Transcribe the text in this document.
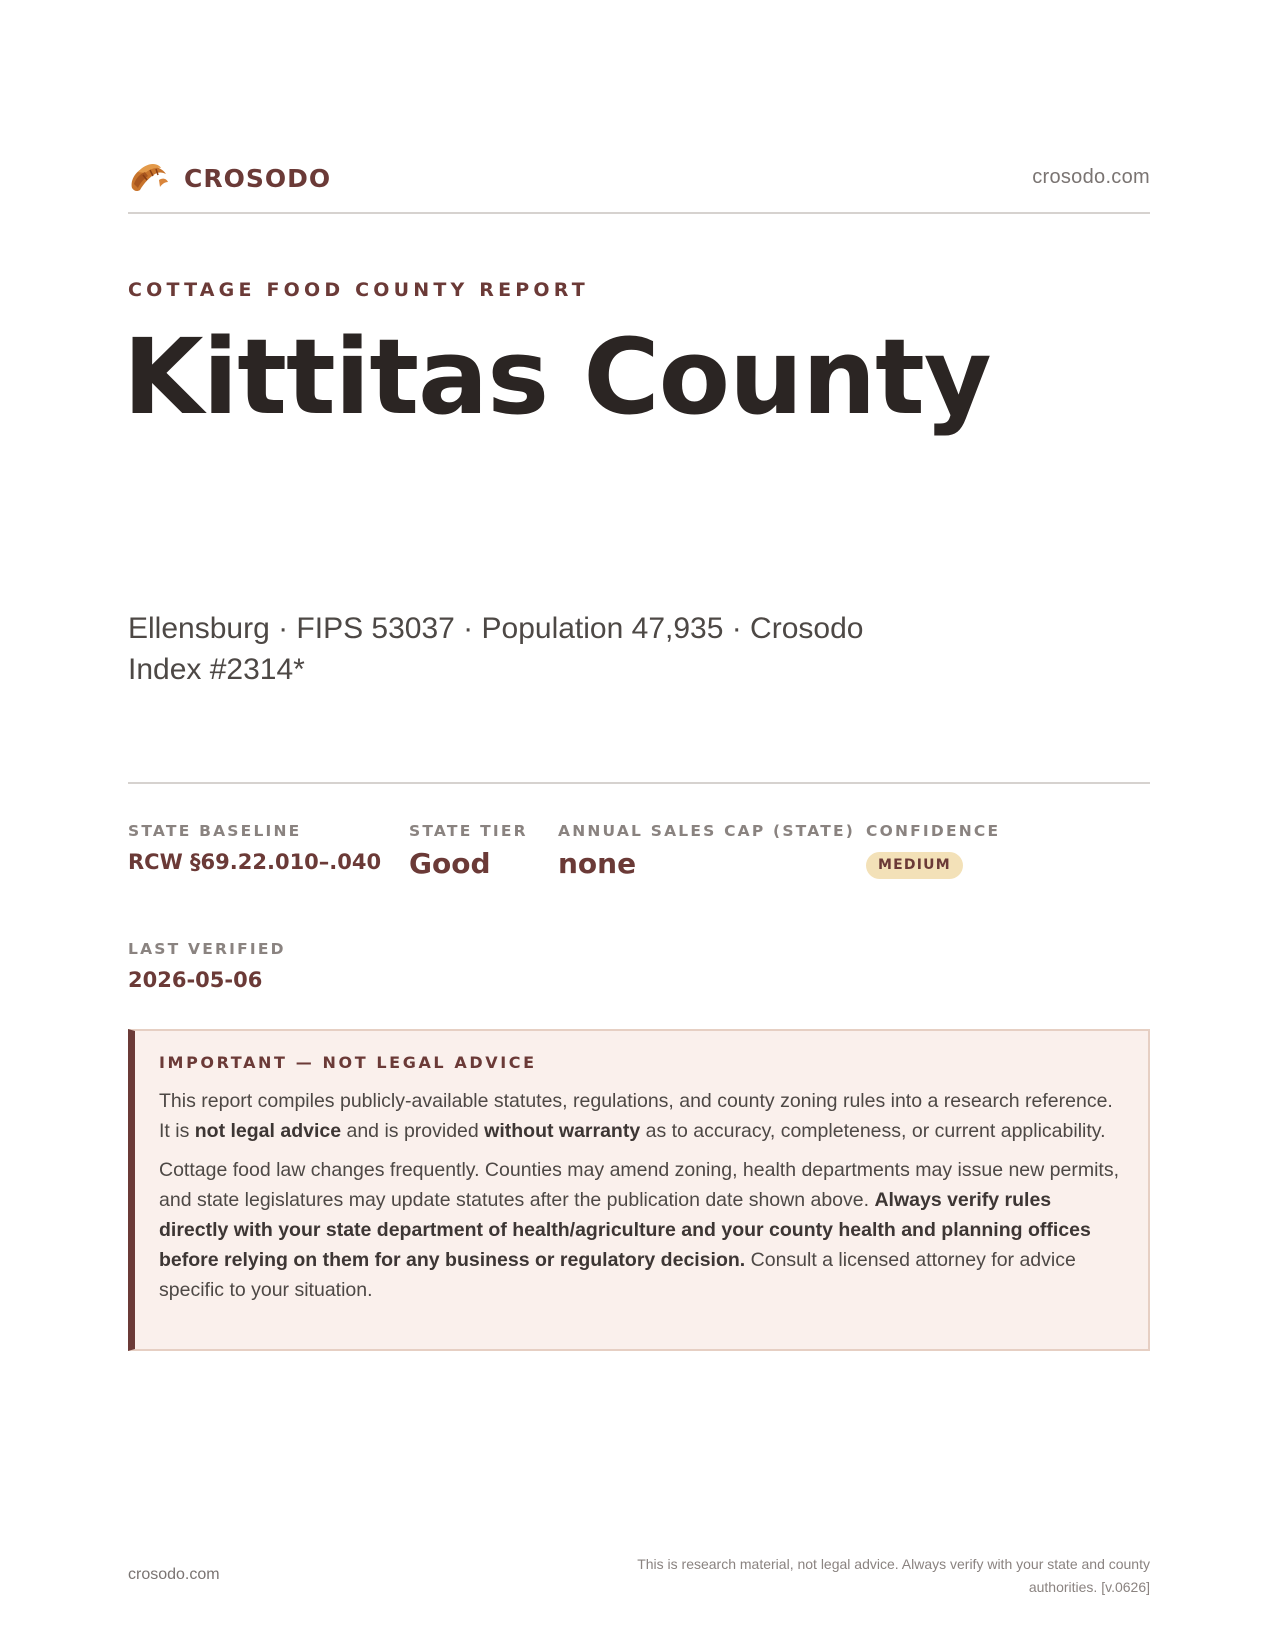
CROSODO	crosodo.com
COTTAGE FOOD COUNTY REPORT
Kittitas County
Ellensburg · FIPS 53037 · Population 47,935 · Crosodo Index #2314*
STATE BASELINE
RCW §69.22.010–.040
STATE TIER
Good
ANNUAL SALES CAP (STATE)
none
CONFIDENCE
MEDIUM
LAST VERIFIED
2026-05-06
IMPORTANT — NOT LEGAL ADVICE

This report compiles publicly-available statutes, regulations, and county zoning rules into a research reference. It is not legal advice and is provided without warranty as to accuracy, completeness, or current applicability.

Cottage food law changes frequently. Counties may amend zoning, health departments may issue new permits, and state legislatures may update statutes after the publication date shown above. Always verify rules directly with your state department of health/agriculture and your county health and planning offices before relying on them for any business or regulatory decision. Consult a licensed attorney for advice specific to your situation.

crosodo.com
This is research material, not legal advice. Always verify with your state and county authorities. [v.0626]
